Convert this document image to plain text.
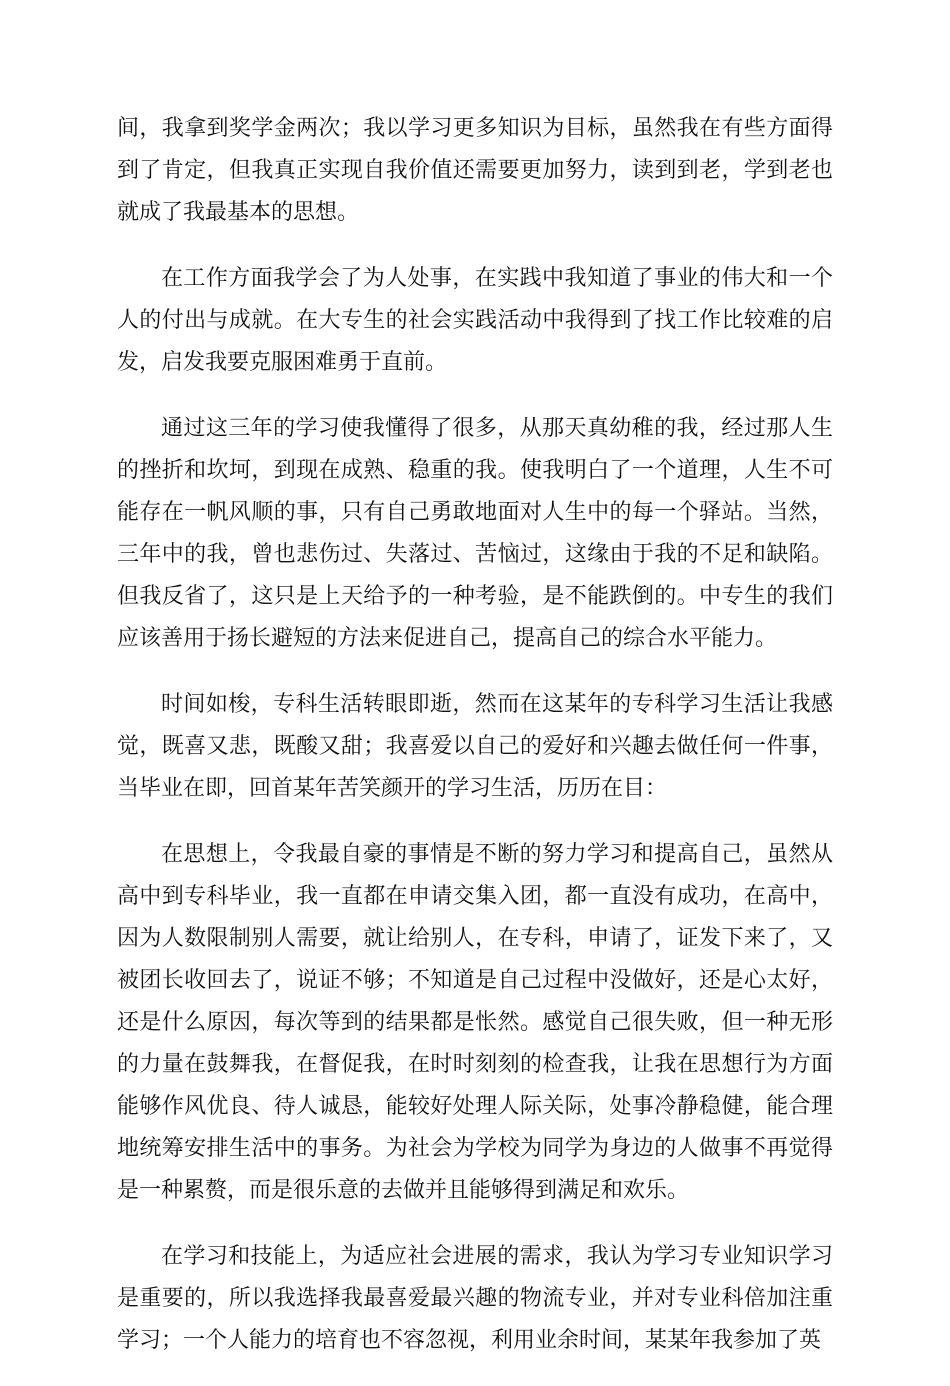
间，我拿到奖学金两次；我以学习更多知识为目标，虽然我在有些方面得到了肯定，但我真正实现自我价值还需要更加努力，读到到老，学到老也就成了我最基本的思想。

在工作方面我学会了为人处事，在实践中我知道了事业的伟大和一个人的付出与成就。在大专生的社会实践活动中我得到了找工作比较难的启发，启发我要克服困难勇于直前。

通过这三年的学习使我懂得了很多，从那天真幼稚的我，经过那人生的挫折和坎坷，到现在成熟、稳重的我。使我明白了一个道理，人生不可能存在一帆风顺的事，只有自己勇敢地面对人生中的每一个驿站。当然，三年中的我，曾也悲伤过、失落过、苦恼过，这缘由于我的不足和缺陷。但我反省了，这只是上天给予的一种考验，是不能跌倒的。中专生的我们应该善用于扬长避短的方法来促进自己，提高自己的综合水平能力。

时间如梭，专科生活转眼即逝，然而在这某年的专科学习生活让我感觉，既喜又悲，既酸又甜；我喜爱以自己的爱好和兴趣去做任何一件事，当毕业在即，回首某年苦笑颜开的学习生活，历历在目：

在思想上，令我最自豪的事情是不断的努力学习和提高自己，虽然从高中到专科毕业，我一直都在申请交集入团，都一直没有成功，在高中，因为人数限制别人需要，就让给别人，在专科，申请了，证发下来了，又被团长收回去了，说证不够；不知道是自己过程中没做好，还是心太好，还是什么原因，每次等到的结果都是怅然。感觉自己很失败，但一种无形的力量在鼓舞我，在督促我，在时时刻刻的检查我，让我在思想行为方面能够作风优良、待人诚恳，能较好处理人际关际，处事冷静稳健，能合理地统筹安排生活中的事务。为社会为学校为同学为身边的人做事不再觉得是一种累赘，而是很乐意的去做并且能够得到满足和欢乐。

在学习和技能上，为适应社会进展的需求，我认为学习专业知识学习是重要的，所以我选择我最喜爱最兴趣的物流专业，并对专业科倍加注重学习；一个人能力的培育也不容忽视，利用业余时间，某某年我参加了英
